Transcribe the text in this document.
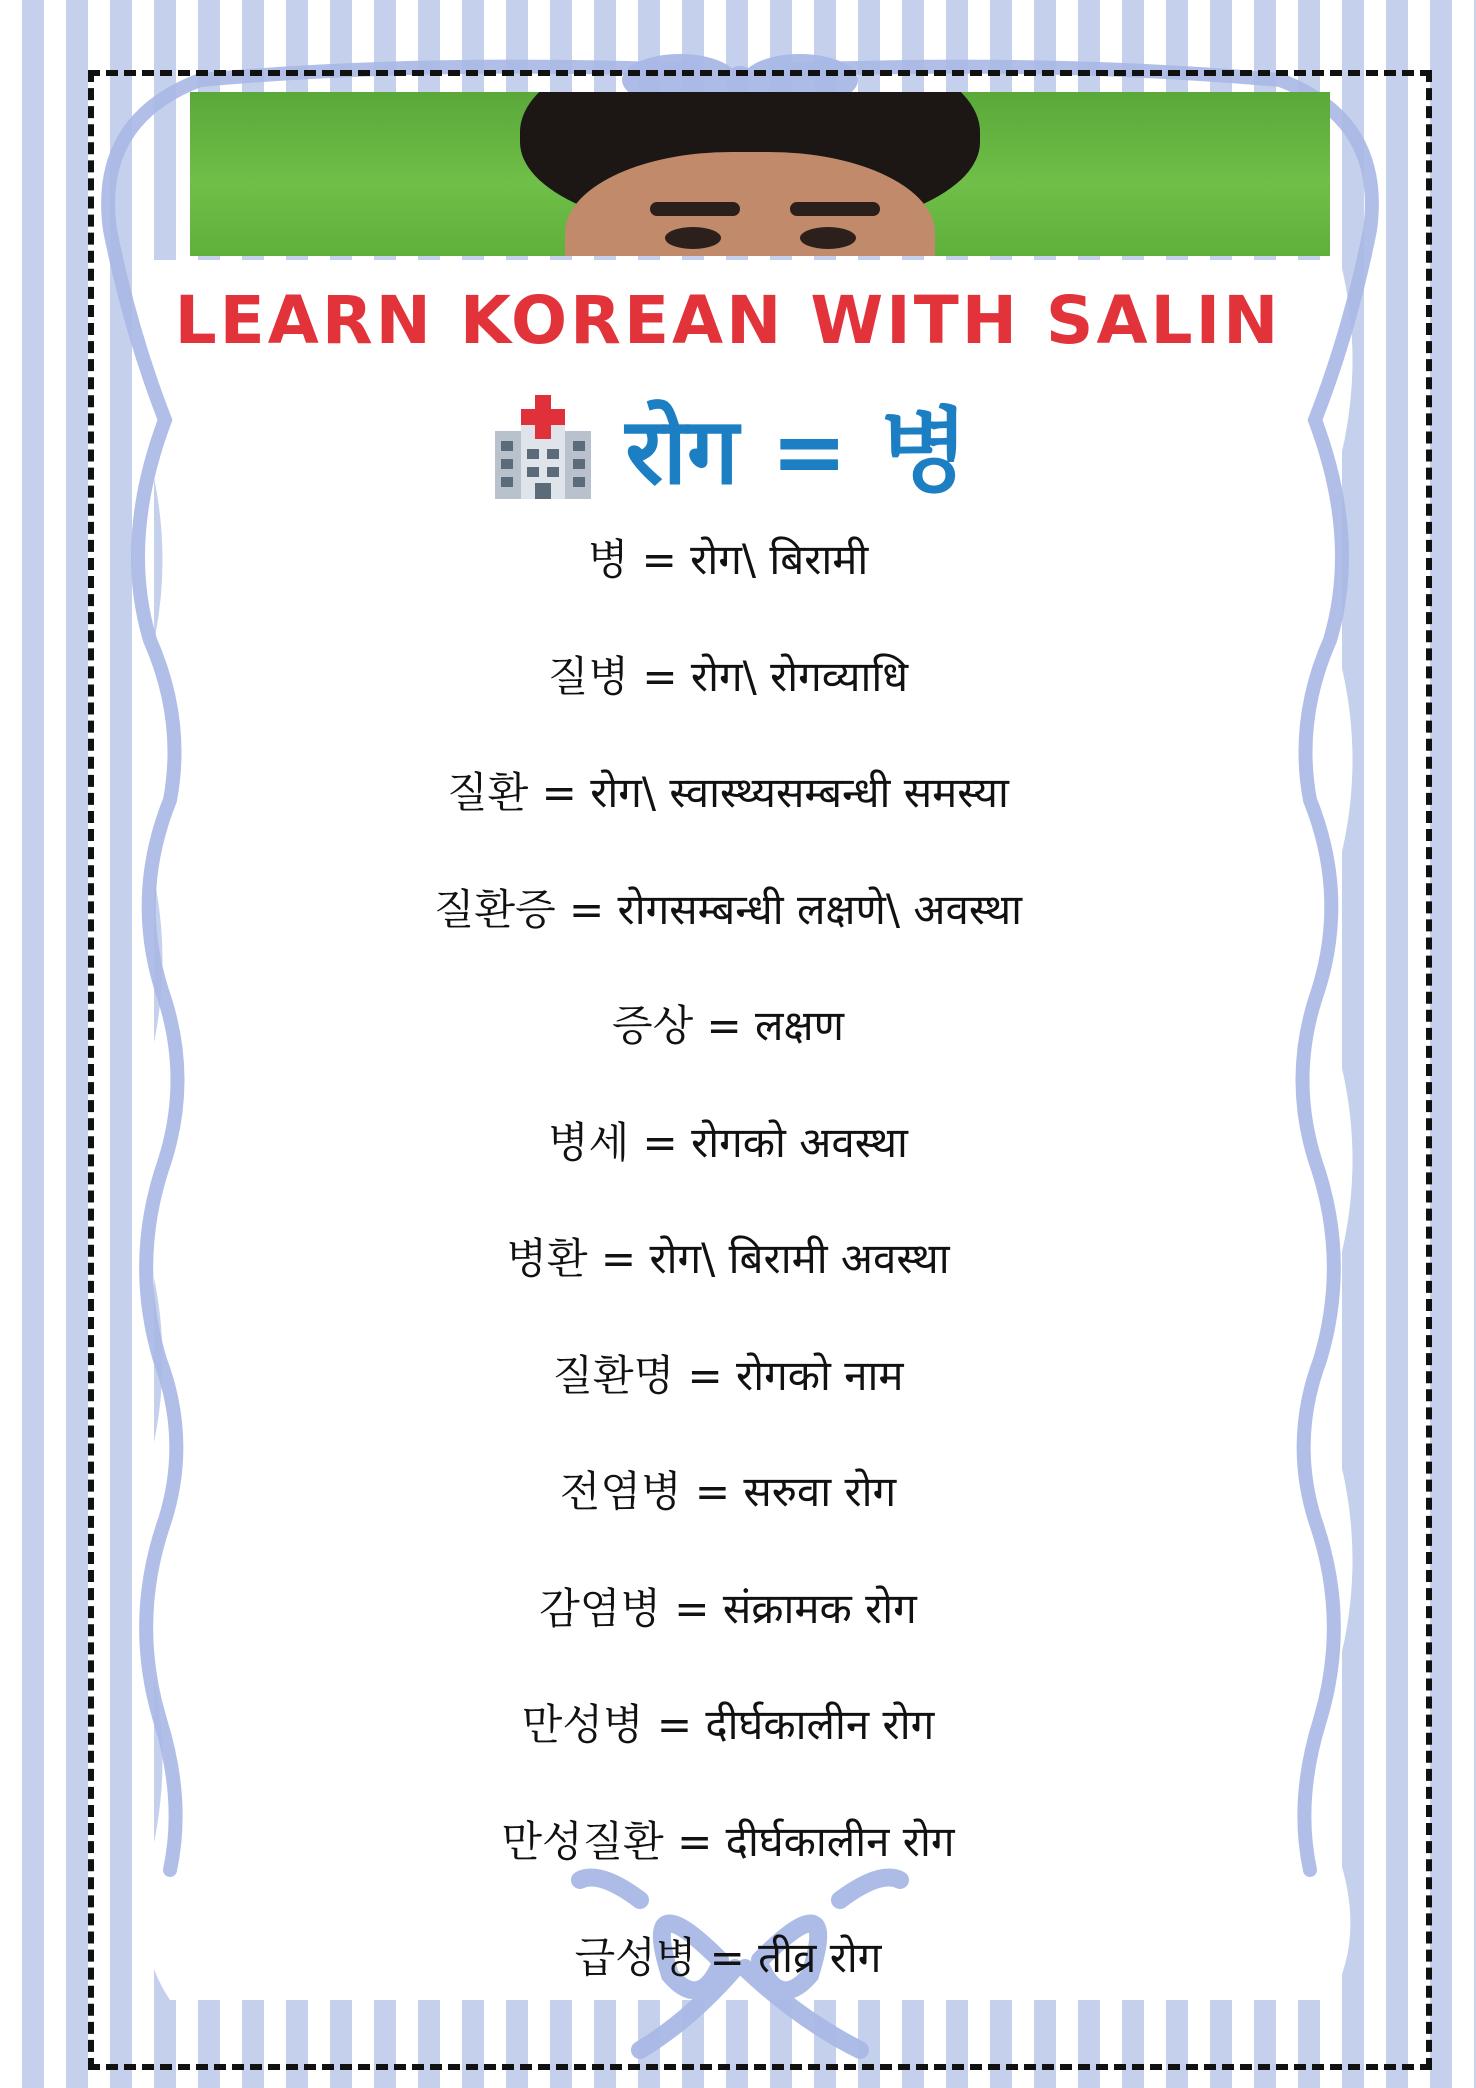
LEARN KOREAN WITH SALIN
रोग = 병
병 = रोग\ बिरामी
질병 = रोग\ रोगव्याधि
질환 = रोग\ स्वास्थ्यसम्बन्धी समस्या
질환증 = रोगसम्बन्धी लक्षणे\ अवस्था
증상 = लक्षण
병세 = रोगको अवस्था
병환 = रोग\ बिरामी अवस्था
질환명 = रोगको नाम
전염병 = सरुवा रोग
감염병 = संक्रामक रोग
만성병 = दीर्घकालीन रोग
만성질환 = दीर्घकालीन रोग
급성병 = तीव्र रोग
